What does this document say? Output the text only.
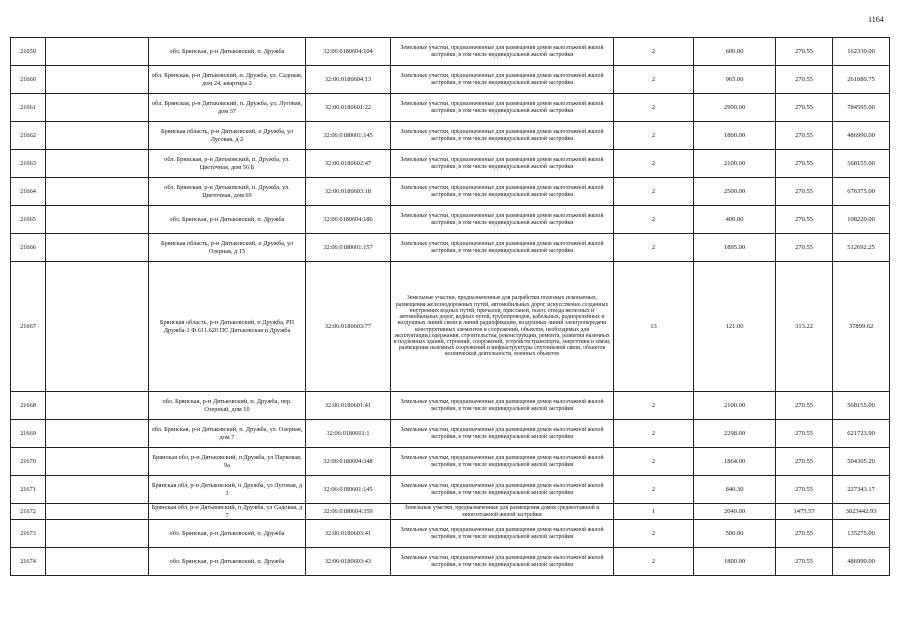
1164
21659		обл. Брянская, р-н Дятьковский, п. Дружба	32:06:0180604:104	Земельные участки, предназначенные для размещения домов малоэтажной жилой застройки, в том числе индивидуальной жилой застройки	2	600.00	270.55	162330.00
21660		обл. Брянская, р-н Дятьковский, п. Дружба, ул. Садовая, дом 24, квартира 2	32:06:0180604:13	Земельные участки, предназначенные для размещения домов малоэтажной жилой застройки, в том числе индивидуальной жилой застройки	2	965.00	270.55	261080.75
21661		обл. Брянская, р-н Дятьковский, п. Дружба, ул. Луговая, дом 37	32:06:0180601:22	Земельные участки, предназначенные для размещения домов малоэтажной жилой застройки, в том числе индивидуальной жилой застройки	2	2900.00	270.55	784595.00
21662		Брянская область, р-н Дятьковский, п Дружба, ул Луговая, д 2	32:06:0180601:145	Земельные участки, предназначенные для размещения домов малоэтажной жилой застройки, в том числе индивидуальной жилой застройки	2	1800.00	270.55	486990.00
21663		обл. Брянская, р-н Дятьковский, п. Дружба, ул. Цветочная, дом 56 Б	32:06:0180602:47	Земельные участки, предназначенные для размещения домов малоэтажной жилой застройки, в том числе индивидуальной жилой застройки	2	2100.00	270.55	568155.00
21664		обл. Брянская, р-н Дятьковский, п. Дружба, ул. Цветочная, дом 69	32:06:0180603:18	Земельные участки, предназначенные для размещения домов малоэтажной жилой застройки, в том числе индивидуальной жилой застройки	2	2500.00	270.55	676375.00
21665		обл. Брянская, р-н Дятьковский, п. Дружба	32:06:0180604:186	Земельные участки, предназначенные для размещения домов малоэтажной жилой застройки, в том числе индивидуальной жилой застройки	2	400.00	270.55	108220.00
21666		Брянская область, р-н Дятьковский, п Дружба, ул Озерная, д 15	32:06:0180601:157	Земельные участки, предназначенные для размещения домов малоэтажной жилой застройки, в том числе индивидуальной жилой застройки	2	1895.00	270.55	512692.25
21667		Брянская область, р-н Дятьковский, п Дружба, РП Дружба-1 Ф.611.620 ПС Дятьковская п Дружба	32:06:0180603:77	Земельные участки, предназначенные для разработки полезных ископаемых, размещения железнодорожных путей, автомобильных дорог, искусственно созданных внутренних водных путей, причалов, пристаней, полос отвода железных и автомобильных дорог, водных путей, трубопроводов, кабельных, радиорелейных и воздушных линий связи и линий радиофикации, воздушных линий электропередачи конструктивных элементов и сооружений, объектов, необходимых для эксплуатации,содержания, строительства, реконструкции, ремонта, развития наземных и подземных зданий, строений, сооружений, устройств транспорта, энергетики и связи; размещения наземных сооружений и инфраструктуры спутниковой связи, объектов космической деятельности, военных объектов	13	121.00	313.22	37899.62
21668		обл. Брянская, р-н Дятьковский, п. Дружба, пер. Озерный, дом 10	32:06:0180601:41	Земельные участки, предназначенные для размещения домов малоэтажной жилой застройки, в том числе индивидуальной жилой застройки	2	2100.00	270.55	568155.00
21669		обл. Брянская, р-н Дятьковский, п. Дружба, ул. Озерная, дом 7	32:06:0180601:1	Земельные участки, предназначенные для размещения домов малоэтажной жилой застройки, в том числе индивидуальной жилой застройки	2	2298.00	270.55	621723.90
21670		Брянская обл, р-н Дятьковский, п Дружба, ул Парковая, 9а	32:06:0180604:348	Земельные участки, предназначенные для размещения домов малоэтажной жилой застройки, в том числе индивидуальной жилой застройки	2	1864.00	270.55	504305.20
21671		Брянская обл, р-н Дятьковский, п Дружба, ул Луговая, д 3	32:06:0180601:145	Земельные участки, предназначенные для размещения домов малоэтажной жилой застройки, в том числе индивидуальной жилой застройки	2	840.30	270.55	227343.17
21672		Брянская обл, р-н Дятьковский, п Дружба, ул Садовая, д 7	32:06:0180604:359	Земельные участки, предназначенные для размещения домов среднеэтажной и многоэтажной жилой застройки	1	2049.00	1475.57	3023442.93
21673		обл. Брянская, р-н Дятьковский, п. Дружба	32:06:0180603:41	Земельные участки, предназначенные для размещения домов малоэтажной жилой застройки, в том числе индивидуальной жилой застройки	2	500.00	270.55	135275.00
21674		обл. Брянская, р-н Дятьковский, п. Дружба	32:06:0180603:43	Земельные участки, предназначенные для размещения домов малоэтажной жилой застройки, в том числе индивидуальной жилой застройки	2	1800.00	270.55	486990.00
